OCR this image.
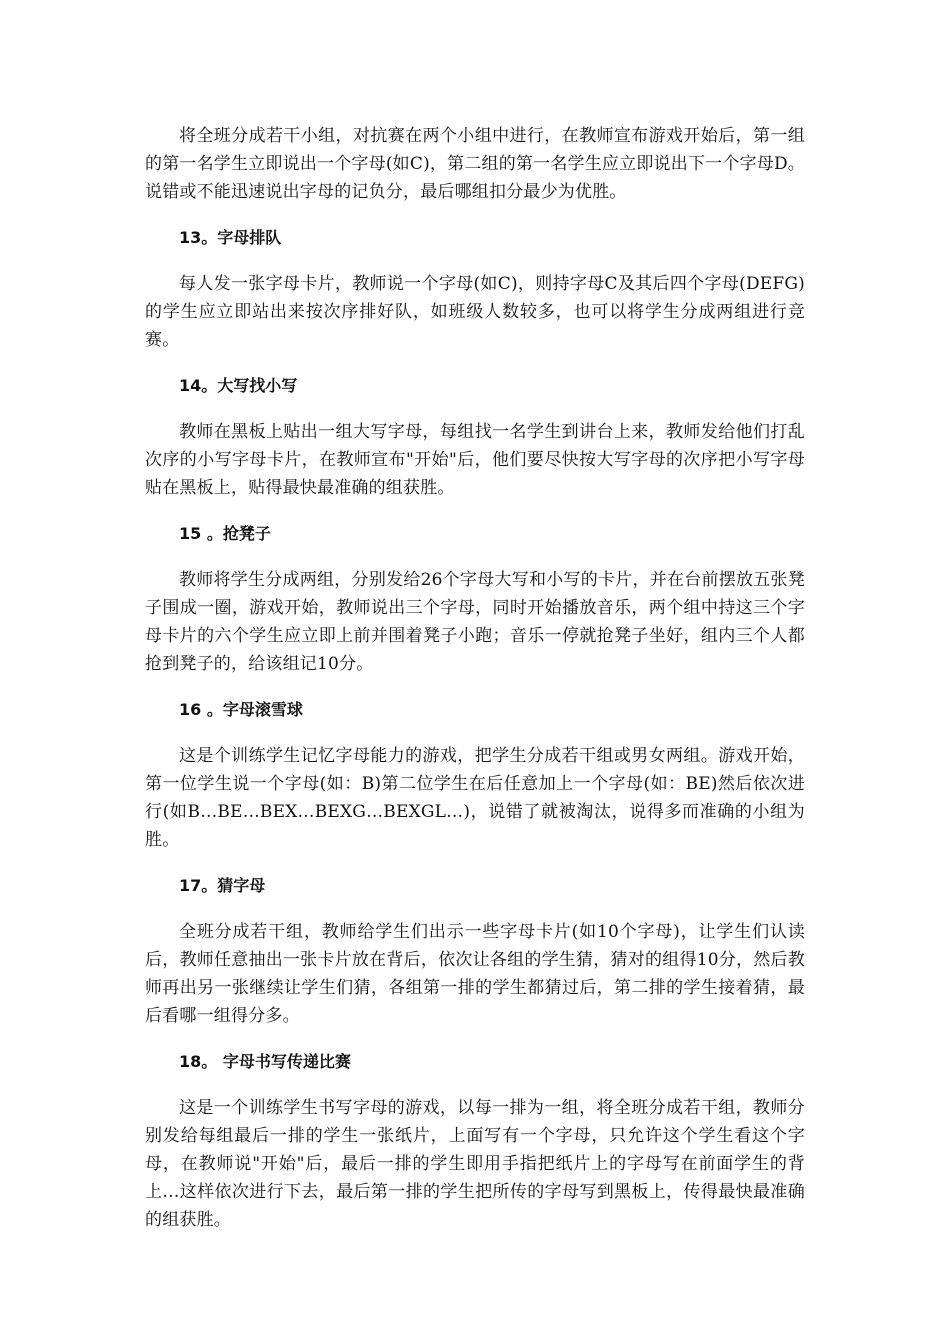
将全班分成若干小组，对抗赛在两个小组中进行，在教师宣布游戏开始后，第一组的第一名学生立即说出一个字母(如C)，第二组的第一名学生应立即说出下一个字母D。说错或不能迅速说出字母的记负分，最后哪组扣分最少为优胜。

13。字母排队

每人发一张字母卡片，教师说一个字母(如C)，则持字母C及其后四个字母(DEFG)的学生应立即站出来按次序排好队，如班级人数较多，也可以将学生分成两组进行竞赛。

14。大写找小写

教师在黑板上贴出一组大写字母，每组找一名学生到讲台上来，教师发给他们打乱次序的小写字母卡片，在教师宣布"开始"后，他们要尽快按大写字母的次序把小写字母贴在黑板上，贴得最快最准确的组获胜。

15 。抢凳子

教师将学生分成两组，分别发给26个字母大写和小写的卡片，并在台前摆放五张凳子围成一圈，游戏开始，教师说出三个字母，同时开始播放音乐，两个组中持这三个字母卡片的六个学生应立即上前并围着凳子小跑；音乐一停就抢凳子坐好，组内三个人都抢到凳子的，给该组记10分。

16 。字母滚雪球

这是个训练学生记忆字母能力的游戏，把学生分成若干组或男女两组。游戏开始，第一位学生说一个字母(如：B)第二位学生在后任意加上一个字母(如：BE)然后依次进行(如B…BE…BEX…BEXG…BEXGL…)，说错了就被淘汰，说得多而准确的小组为胜。

17。猜字母

全班分成若干组，教师给学生们出示一些字母卡片(如10个字母)，让学生们认读后，教师任意抽出一张卡片放在背后，依次让各组的学生猜，猜对的组得10分，然后教师再出另一张继续让学生们猜，各组第一排的学生都猜过后，第二排的学生接着猜，最后看哪一组得分多。

18。 字母书写传递比赛

这是一个训练学生书写字母的游戏，以每一排为一组，将全班分成若干组，教师分别发给每组最后一排的学生一张纸片，上面写有一个字母，只允许这个学生看这个字母，在教师说"开始"后，最后一排的学生即用手指把纸片上的字母写在前面学生的背上…这样依次进行下去，最后第一排的学生把所传的字母写到黑板上，传得最快最准确的组获胜。
